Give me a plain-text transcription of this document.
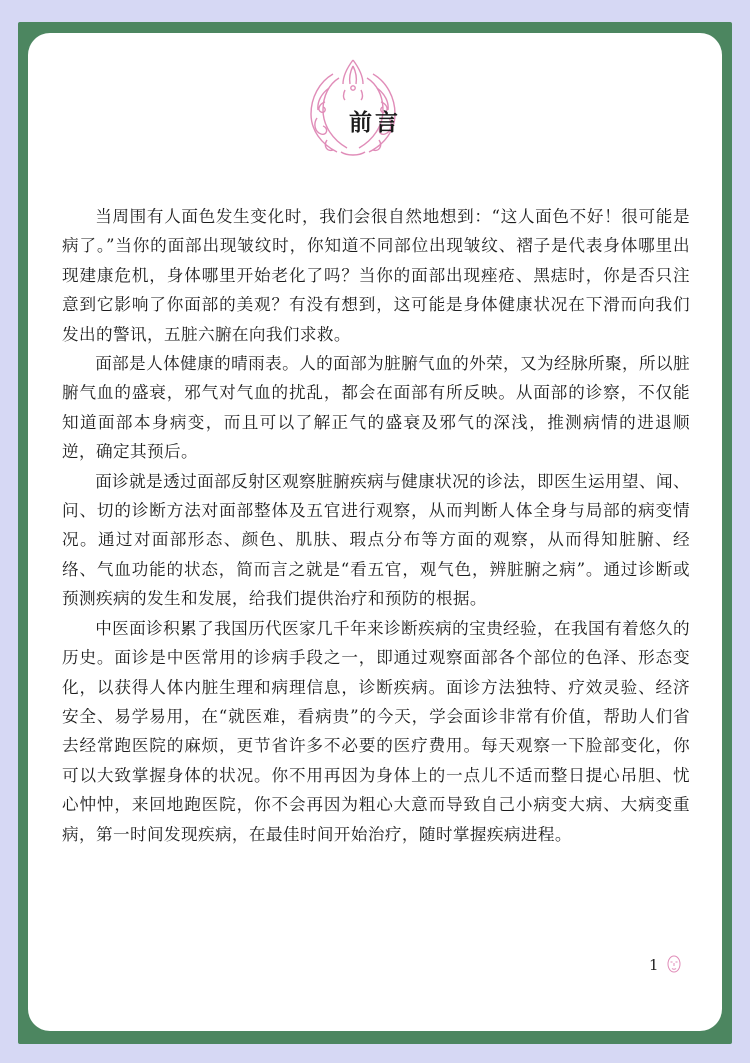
前言

当周围有人面色发生变化时，我们会很自然地想到：“这人面色不好！很可能是病了。”当你的面部出现皱纹时，你知道不同部位出现皱纹、褶子是代表身体哪里出现建康危机，身体哪里开始老化了吗？当你的面部出现痤疮、黑痣时，你是否只注意到它影响了你面部的美观？有没有想到，这可能是身体健康状况在下滑而向我们发出的警讯，五脏六腑在向我们求救。

面部是人体健康的晴雨表。人的面部为脏腑气血的外荣，又为经脉所聚，所以脏腑气血的盛衰，邪气对气血的扰乱，都会在面部有所反映。从面部的诊察，不仅能知道面部本身病变，而且可以了解正气的盛衰及邪气的深浅，推测病情的进退顺逆，确定其预后。

面诊就是透过面部反射区观察脏腑疾病与健康状况的诊法，即医生运用望、闻、问、切的诊断方法对面部整体及五官进行观察，从而判断人体全身与局部的病变情况。通过对面部形态、颜色、肌肤、瑕点分布等方面的观察，从而得知脏腑、经络、气血功能的状态，简而言之就是“看五官，观气色，辨脏腑之病”。通过诊断或预测疾病的发生和发展，给我们提供治疗和预防的根据。

中医面诊积累了我国历代医家几千年来诊断疾病的宝贵经验，在我国有着悠久的历史。面诊是中医常用的诊病手段之一，即通过观察面部各个部位的色泽、形态变化，以获得人体内脏生理和病理信息，诊断疾病。面诊方法独特、疗效灵验、经济安全、易学易用，在“就医难，看病贵”的今天，学会面诊非常有价值，帮助人们省去经常跑医院的麻烦，更节省许多不必要的医疗费用。每天观察一下脸部变化，你可以大致掌握身体的状况。你不用再因为身体上的一点儿不适而整日提心吊胆、忧心忡忡，来回地跑医院，你不会再因为粗心大意而导致自己小病变大病、大病变重病，第一时间发现疾病，在最佳时间开始治疗，随时掌握疾病进程。

1
